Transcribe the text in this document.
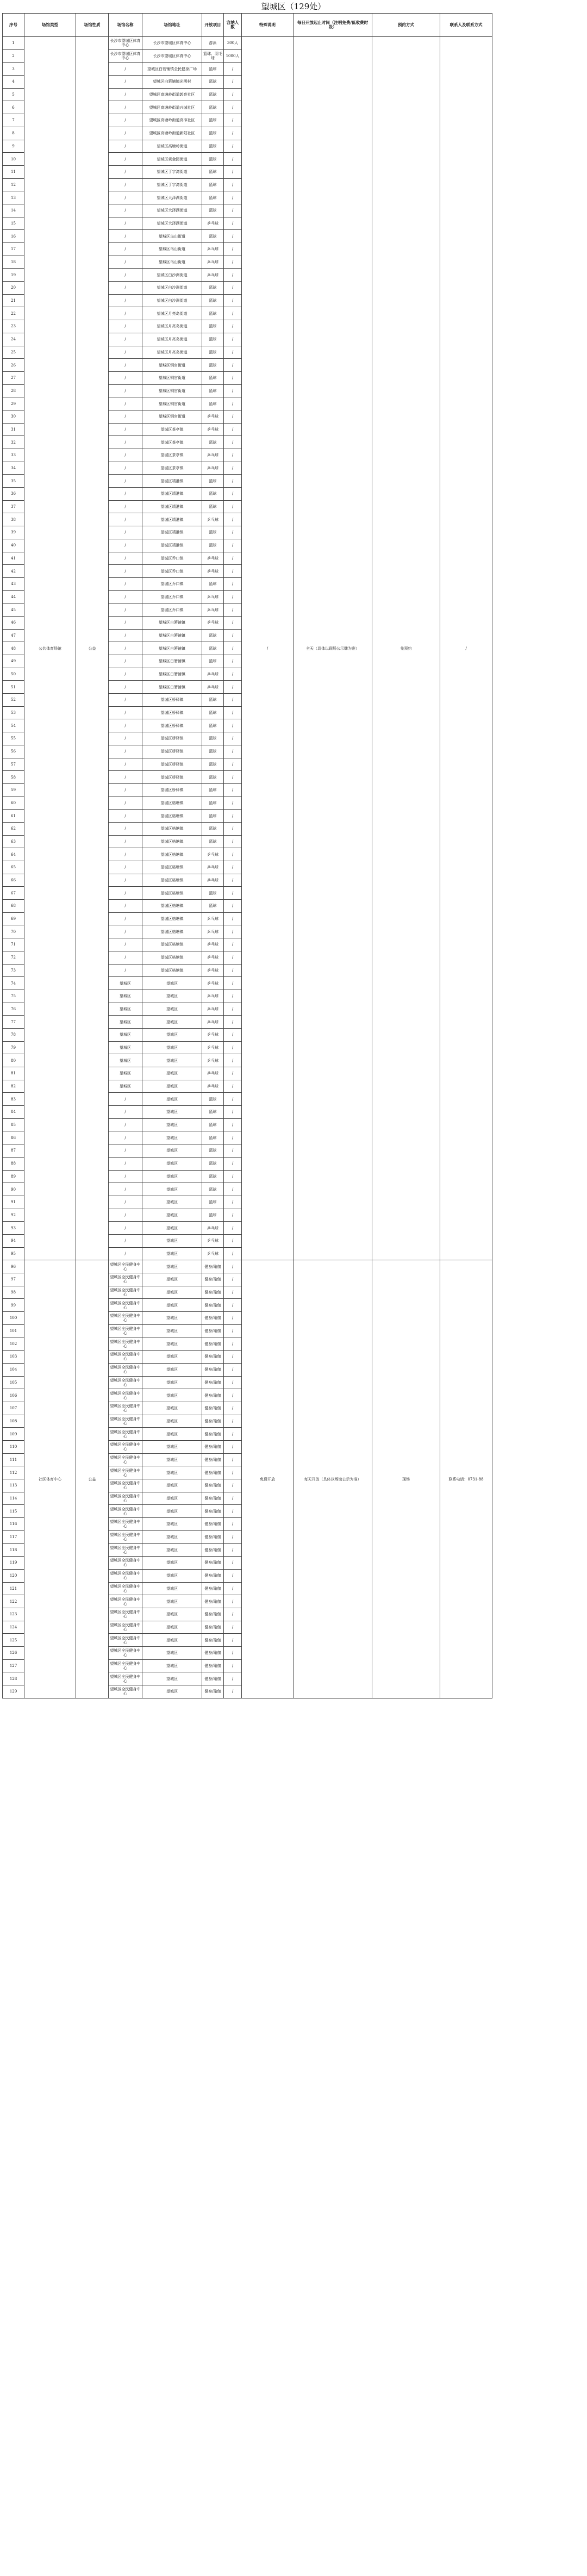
望城区（129处）
序号	场馆类型	场馆性质	场馆名称	场馆地址	开放项目	容纳人数	特殊说明	每日开放起止时间（注明免费/低收费时段）	预约方式	联系人及联系方式
1	公共体育场馆	公益	长沙市望城区体育中心	长沙市望城区体育中心	游泳	300人	/	全天（具体以现场公示牌为准）	免预约	/
2			长沙市望城区体育中心	长沙市望城区体育中心	篮球、羽毛球	1000人				
3			/	望城区白箬铺镇全民健身广场	篮球	/				
4			/	望城区白箬铺镇光明村	篮球	/				
5			/	望城区高塘岭街道郭亮社区	篮球	/				
6			/	望城区高塘岭街道兴城社区	篮球	/				
7			/	望城区高塘岭街道高冲社区	篮球	/				
8			/	望城区高塘岭街道新阳社区	篮球	/				
9			/	望城区高塘岭街道	篮球	/				
10			/	望城区黄金园街道	篮球	/				
11			/	望城区丁字湾街道	篮球	/				
12			/	望城区丁字湾街道	篮球	/				
13			/	望城区大泽湖街道	篮球	/				
14			/	望城区大泽湖街道	篮球	/				
15			/	望城区大泽湖街道	乒乓球	/				
16			/	望城区乌山街道	篮球	/				
17			/	望城区乌山街道	乒乓球	/				
18			/	望城区乌山街道	乒乓球	/				
19			/	望城区白沙洲街道	乒乓球	/				
20			/	望城区白沙洲街道	篮球	/				
21			/	望城区白沙洲街道	篮球	/				
22			/	望城区月亮岛街道	篮球	/				
23			/	望城区月亮岛街道	篮球	/				
24			/	望城区月亮岛街道	篮球	/				
25			/	望城区月亮岛街道	篮球	/				
26			/	望城区铜官街道	篮球	/				
27			/	望城区铜官街道	篮球	/				
28			/	望城区铜官街道	篮球	/				
29			/	望城区铜官街道	篮球	/				
30			/	望城区铜官街道	乒乓球	/				
31			/	望城区茶亭镇	乒乓球	/				
32			/	望城区茶亭镇	篮球	/				
33			/	望城区茶亭镇	乒乓球	/				
34			/	望城区茶亭镇	乒乓球	/				
35			/	望城区靖港镇	篮球	/				
36			/	望城区靖港镇	篮球	/				
37			/	望城区靖港镇	篮球	/				
38			/	望城区靖港镇	乒乓球	/				
39			/	望城区靖港镇	篮球	/				
40			/	望城区靖港镇	篮球	/				
41			/	望城区乔口镇	乒乓球	/				
42			/	望城区乔口镇	乒乓球	/				
43			/	望城区乔口镇	篮球	/				
44			/	望城区乔口镇	乒乓球	/				
45			/	望城区乔口镇	乒乓球	/				
46			/	望城区白箬铺镇	乒乓球	/				
47			/	望城区白箬铺镇	篮球	/				
48			/	望城区白箬铺镇	篮球	/				
49			/	望城区白箬铺镇	篮球	/				
50			/	望城区白箬铺镇	乒乓球	/				
51			/	望城区白箬铺镇	乒乓球	/				
52			/	望城区桥驿镇	篮球	/				
53			/	望城区桥驿镇	篮球	/				
54			/	望城区桥驿镇	篮球	/				
55			/	望城区桥驿镇	篮球	/				
56			/	望城区桥驿镇	篮球	/				
57			/	望城区桥驿镇	篮球	/				
58			/	望城区桥驿镇	篮球	/				
59			/	望城区桥驿镇	篮球	/				
60			/	望城区格塘镇	篮球	/				
61			/	望城区格塘镇	篮球	/				
62			/	望城区格塘镇	篮球	/				
63			/	望城区格塘镇	篮球	/				
64			/	望城区格塘镇	乒乓球	/				
65			/	望城区格塘镇	乒乓球	/				
66			/	望城区格塘镇	乒乓球	/				
67			/	望城区格塘镇	篮球	/				
68			/	望城区格塘镇	篮球	/				
69			/	望城区格塘镇	乒乓球	/				
70			/	望城区格塘镇	乒乓球	/				
71			/	望城区格塘镇	乒乓球	/				
72			/	望城区格塘镇	乒乓球	/				
73			/	望城区格塘镇	乒乓球	/				
74			望城区	望城区	乒乓球	/				
75			望城区	望城区	乒乓球	/				
76			望城区	望城区	乒乓球	/				
77			望城区	望城区	乒乓球	/				
78			望城区	望城区	乒乓球	/				
79			望城区	望城区	乒乓球	/				
80			望城区	望城区	乒乓球	/				
81			望城区	望城区	乒乓球	/				
82			望城区	望城区	乒乓球	/				
83			/	望城区	篮球	/				
84			/	望城区	篮球	/				
85			/	望城区	篮球	/				
86			/	望城区	篮球	/				
87			/	望城区	篮球	/				
88			/	望城区	篮球	/				
89			/	望城区	篮球	/				
90			/	望城区	篮球	/				
91			/	望城区	篮球	/				
92			/	望城区	篮球	/				
93			/	望城区	乒乓球	/				
94			/	望城区	乒乓球	/				
95			/	望城区	乒乓球	/				
96	社区体育中心	公益	望城区全民健身中心	望城区	健身/瑜伽	/	免费开放	每天开放（具体以场馆公示为准）	现场	联系电话：0731-88
97			望城区全民健身中心	望城区	健身/瑜伽	/				
98			望城区全民健身中心	望城区	健身/瑜伽	/				
99			望城区全民健身中心	望城区	健身/瑜伽	/				
100			望城区全民健身中心	望城区	健身/瑜伽	/				
101			望城区全民健身中心	望城区	健身/瑜伽	/				
102			望城区全民健身中心	望城区	健身/瑜伽	/				
103			望城区全民健身中心	望城区	健身/瑜伽	/				
104			望城区全民健身中心	望城区	健身/瑜伽	/				
105			望城区全民健身中心	望城区	健身/瑜伽	/				
106			望城区全民健身中心	望城区	健身/瑜伽	/				
107			望城区全民健身中心	望城区	健身/瑜伽	/				
108			望城区全民健身中心	望城区	健身/瑜伽	/				
109			望城区全民健身中心	望城区	健身/瑜伽	/				
110			望城区全民健身中心	望城区	健身/瑜伽	/				
111			望城区全民健身中心	望城区	健身/瑜伽	/				
112			望城区全民健身中心	望城区	健身/瑜伽	/				
113			望城区全民健身中心	望城区	健身/瑜伽	/				
114			望城区全民健身中心	望城区	健身/瑜伽	/				
115			望城区全民健身中心	望城区	健身/瑜伽	/				
116			望城区全民健身中心	望城区	健身/瑜伽	/				
117			望城区全民健身中心	望城区	健身/瑜伽	/				
118			望城区全民健身中心	望城区	健身/瑜伽	/				
119			望城区全民健身中心	望城区	健身/瑜伽	/				
120			望城区全民健身中心	望城区	健身/瑜伽	/				
121			望城区全民健身中心	望城区	健身/瑜伽	/				
122			望城区全民健身中心	望城区	健身/瑜伽	/				
123			望城区全民健身中心	望城区	健身/瑜伽	/				
124			望城区全民健身中心	望城区	健身/瑜伽	/				
125			望城区全民健身中心	望城区	健身/瑜伽	/				
126			望城区全民健身中心	望城区	健身/瑜伽	/				
127			望城区全民健身中心	望城区	健身/瑜伽	/				
128			望城区全民健身中心	望城区	健身/瑜伽	/				
129			望城区全民健身中心	望城区	健身/瑜伽	/				
